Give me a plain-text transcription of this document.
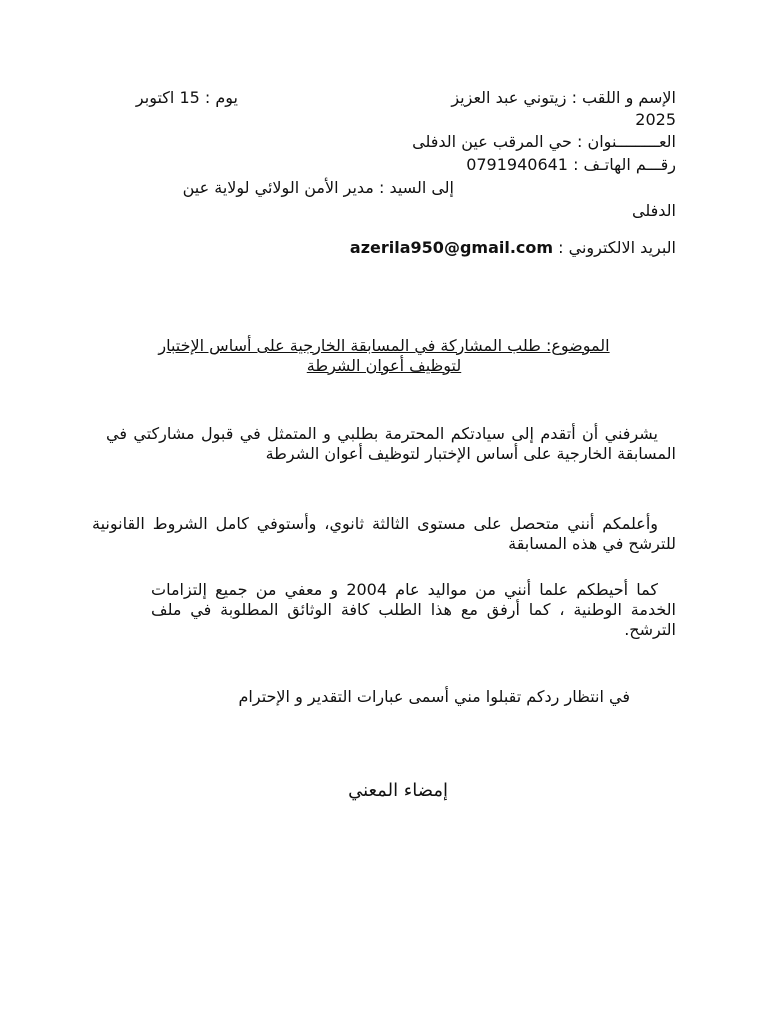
الإسم و اللقب : زيتوني عبد العزيز
يوم : 15 اكتوبر
2025
العـــــــــنوان : حي المرقب عين الدفلى
رقـــم الهاتـف : 0791940641
إلى السيد : مدير الأمن الولائي لولاية عين
الدفلى
البريد الالكتروني : azerila950@gmail.com
الموضوع: طلب المشاركة في المسابقة الخارجية على أساس الإختبار
لتوظيف أعوان الشرطة
يشرفني أن أتقدم إلى سيادتكم المحترمة بطلبي و المتمثل في قبول مشاركتي في المسابقة الخارجية على أساس الإختبار لتوظيف أعوان الشرطة
وأعلمكم أنني متحصل على مستوى الثالثة ثانوي، وأستوفي كامل الشروط القانونية للترشح في هذه المسابقة
كما أحيطكم علما أنني من مواليد عام 2004 و معفي من جميع إلتزامات الخدمة الوطنية ، كما أرفق مع هذا الطلب كافة الوثائق المطلوبة في ملف الترشح.
في انتظار ردكم تقبلوا مني أسمى عبارات التقدير و الإحترام
إمضاء المعني
